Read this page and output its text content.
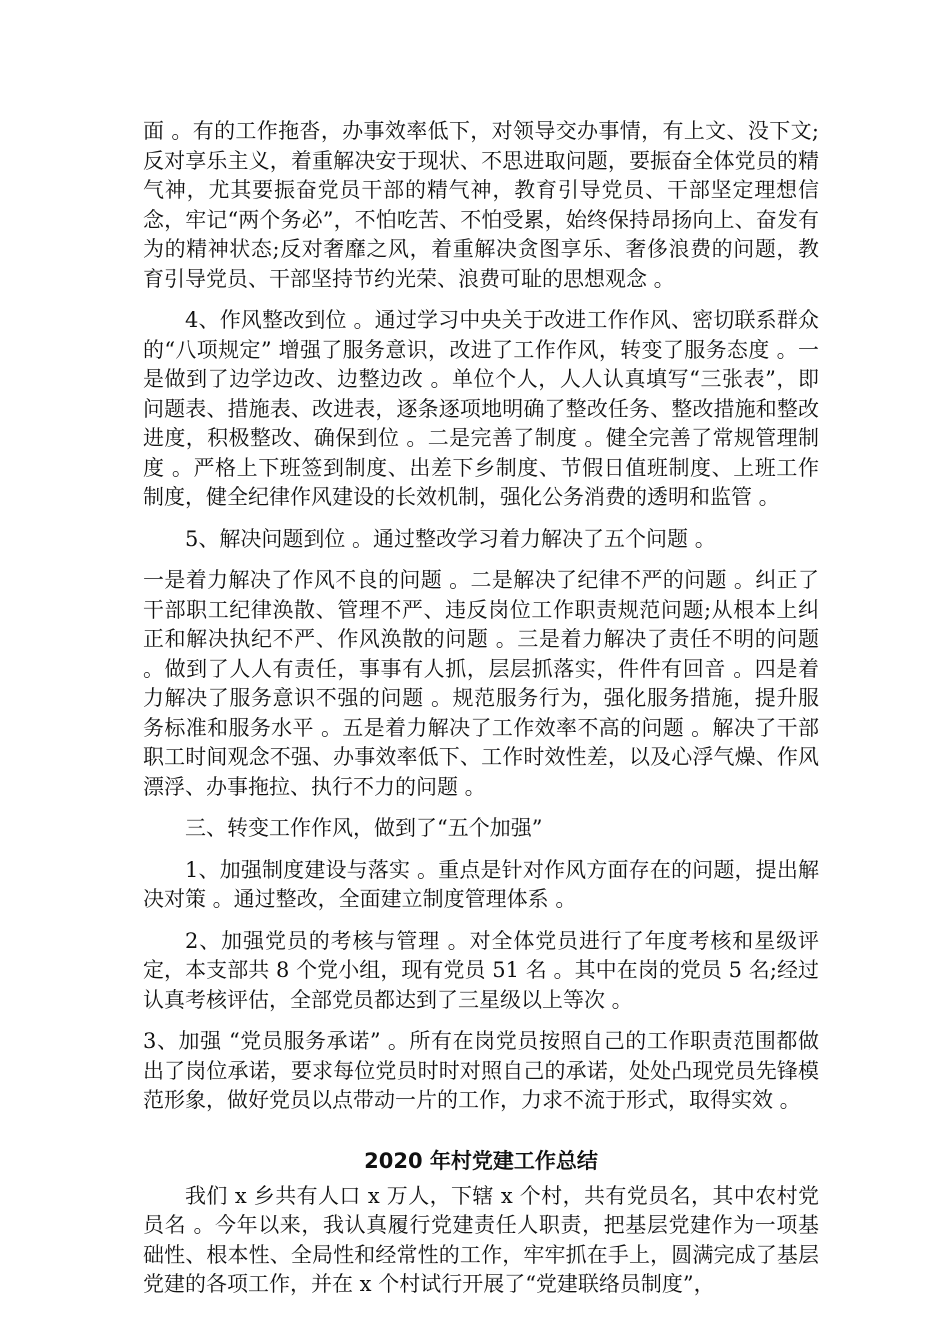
面 。有的工作拖沓，办事效率低下，对领导交办事情，有上文、没下文;反对享乐主义，着重解决安于现状、不思进取问题，要振奋全体党员的精气神，尤其要振奋党员干部的精气神，教育引导党员、干部坚定理想信念，牢记“两个务必”，不怕吃苦、不怕受累，始终保持昂扬向上、奋发有为的精神状态;反对奢靡之风，着重解决贪图享乐、奢侈浪费的问题，教育引导党员、干部坚持节约光荣、浪费可耻的思想观念 。

4、作风整改到位 。通过学习中央关于改进工作作风、密切联系群众的“八项规定” 增强了服务意识，改进了工作作风，转变了服务态度 。一是做到了边学边改、边整边改 。单位个人，人人认真填写“三张表”，即问题表、措施表、改进表，逐条逐项地明确了整改任务、整改措施和整改进度，积极整改、确保到位 。二是完善了制度 。健全完善了常规管理制度 。严格上下班签到制度、出差下乡制度、节假日值班制度、上班工作制度，健全纪律作风建设的长效机制，强化公务消费的透明和监管 。

5、解决问题到位 。通过整改学习着力解决了五个问题 。

一是着力解决了作风不良的问题 。二是解决了纪律不严的问题 。纠正了干部职工纪律涣散、管理不严、违反岗位工作职责规范问题;从根本上纠正和解决执纪不严、作风涣散的问题 。三是着力解决了责任不明的问题 。做到了人人有责任，事事有人抓，层层抓落实，件件有回音 。四是着力解决了服务意识不强的问题 。规范服务行为，强化服务措施，提升服务标准和服务水平 。五是着力解决了工作效率不高的问题 。解决了干部职工时间观念不强、办事效率低下、工作时效性差，以及心浮气燥、作风漂浮、办事拖拉、执行不力的问题 。

三、转变工作作风，做到了“五个加强”

1、加强制度建设与落实 。重点是针对作风方面存在的问题，提出解决对策 。通过整改，全面建立制度管理体系 。

2、加强党员的考核与管理 。对全体党员进行了年度考核和星级评定，本支部共 8 个党小组，现有党员 51 名 。其中在岗的党员 5 名;经过认真考核评估，全部党员都达到了三星级以上等次 。

3、加强 “党员服务承诺” 。所有在岗党员按照自己的工作职责范围都做出了岗位承诺，要求每位党员时时对照自己的承诺，处处凸现党员先锋模范形象，做好党员以点带动一片的工作，力求不流于形式，取得实效 。

2020 年村党建工作总结

我们 x 乡共有人口 x 万人，下辖 x 个村，共有党员名，其中农村党员名 。今年以来，我认真履行党建责任人职责，把基层党建作为一项基础性、根本性、全局性和经常性的工作，牢牢抓在手上，圆满完成了基层党建的各项工作，并在 x 个村试行开展了“党建联络员制度”，
